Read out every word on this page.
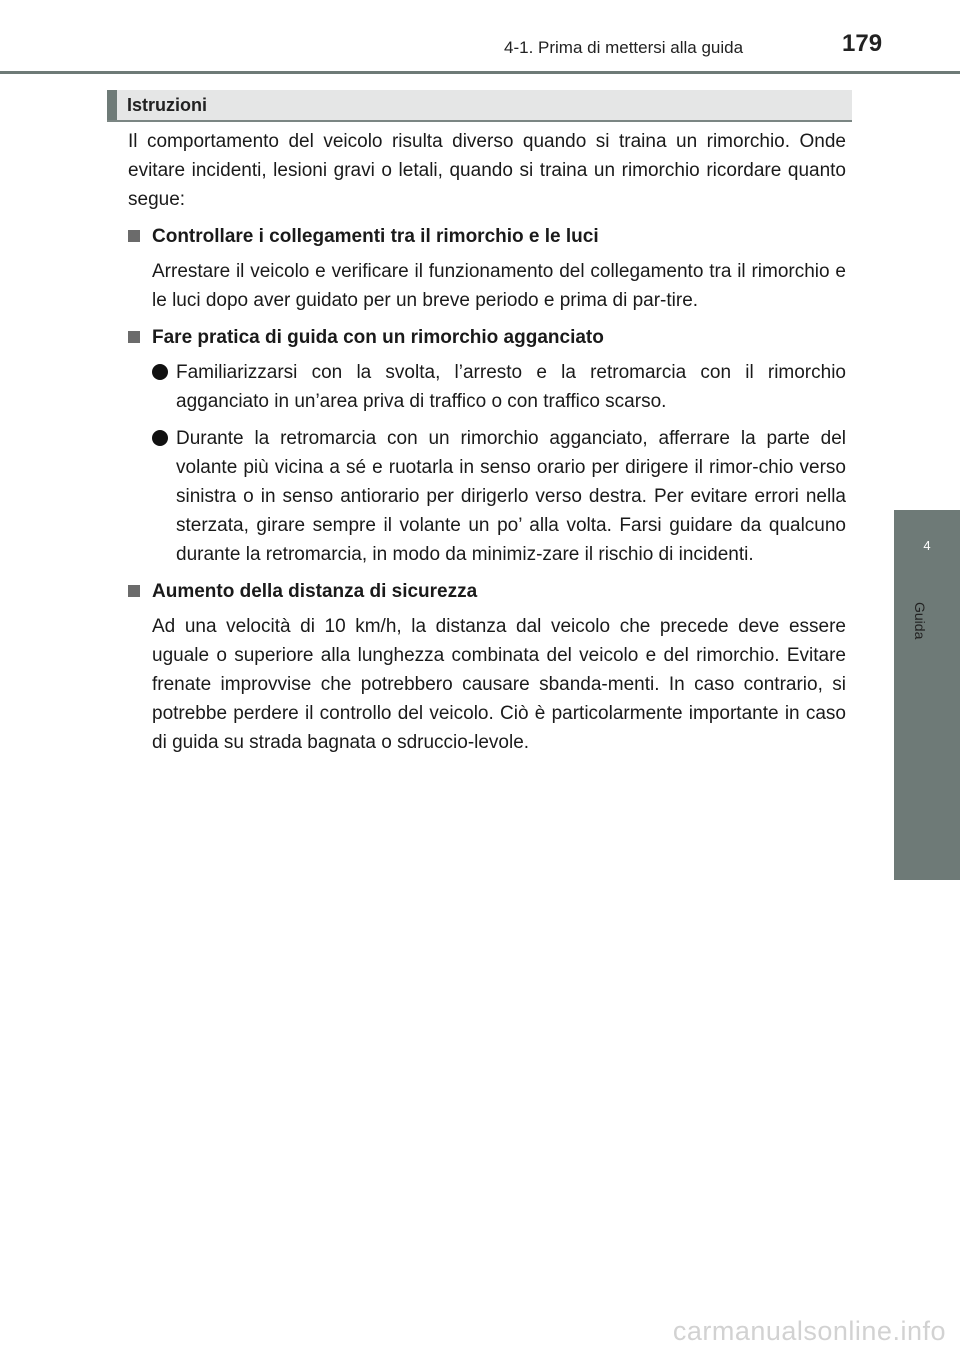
4-1. Prima di mettersi alla guida	179
4
Guida
Istruzioni

Il comportamento del veicolo risulta diverso quando si traina un rimorchio. Onde evitare incidenti, lesioni gravi o letali, quando si traina un rimorchio ricordare quanto segue:

Controllare i collegamenti tra il rimorchio e le luci

Arrestare il veicolo e verificare il funzionamento del collegamento tra il rimorchio e le luci dopo aver guidato per un breve periodo e prima di par-tire.

Fare pratica di guida con un rimorchio agganciato
Familiarizzarsi con la svolta, l’arresto e la retromarcia con il rimorchio agganciato in un’area priva di traffico o con traffico scarso.
Durante la retromarcia con un rimorchio agganciato, afferrare la parte del volante più vicina a sé e ruotarla in senso orario per dirigere il rimor-chio verso sinistra o in senso antiorario per dirigerlo verso destra. Per evitare errori nella sterzata, girare sempre il volante un po’ alla volta. Farsi guidare da qualcuno durante la retromarcia, in modo da minimiz-zare il rischio di incidenti.
Aumento della distanza di sicurezza

Ad una velocità di 10 km/h, la distanza dal veicolo che precede deve essere uguale o superiore alla lunghezza combinata del veicolo e del rimorchio. Evitare frenate improvvise che potrebbero causare sbanda-menti. In caso contrario, si potrebbe perdere il controllo del veicolo. Ciò è particolarmente importante in caso di guida su strada bagnata o sdruccio-levole.

carmanualsonline.info
